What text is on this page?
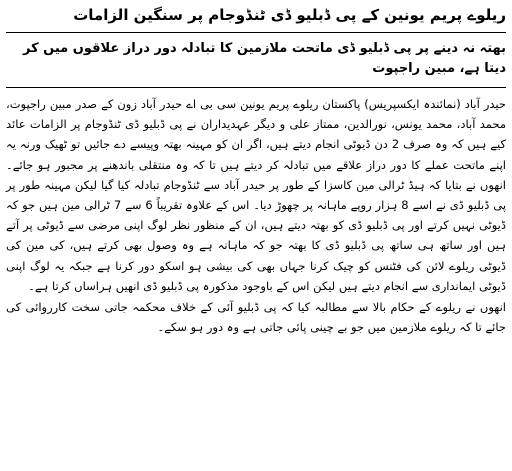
ریلوے پریم یونین کے پی ڈبلیو ڈی ٹنڈوجام پر سنگین الزامات
بھتہ نہ دینے پر پی ڈبلیو ڈی ماتحت ملازمین کا تبادلہ دور دراز علاقوں میں کر دیتا ہے، مبین راجپوت

حیدر آباد (نمائندہ ایکسپریس) پاکستان ریلوے پریم یونین سی بی اے حیدر آباد زون کے صدر مبین راجپوت، محمد آباد، محمد یونس، نورالدین، ممتاز علی و دیگر عہدیداران نے پی ڈبلیو ڈی ٹنڈوجام پر الزامات عائد کیے ہیں کہ وہ صرف 2 دن ڈیوٹی انجام دیتے ہیں، اگر ان کو مہینہ بھتہ وپیسے دے جائیں تو ٹھیک ورنہ یہ اپنے ماتحت عملے کا دور دراز علاقے میں تبادلہ کر دیتے ہیں تا کہ وہ منتقلی باندھنے پر مجبور ہو جائے۔ انھوں نے بتایا کہ ہیڈ ٹرالی مین کاسزا کے طور پر حیدر آباد سے ٹنڈوجام تبادلہ کیا گیا لیکن مہینہ طور پر پی ڈبلیو ڈی نے اسے 8 ہزار روپے ماہانہ پر چھوڑ دیا۔ اس کے علاوہ تقریباً 6 سے 7 ٹرالی مین ہیں جو کہ ڈیوٹی نہیں کرتے اور پی ڈبلیو ڈی کو بھتہ دیتے ہیں، ان کے منظور نظر لوگ اپنی مرضی سے ڈیوٹی پر آتے ہیں اور ساتھ ہی ساتھ پی ڈبلیو ڈی کا بھتہ جو کہ ماہانہ ہے وہ وصول بھی کرتے ہیں، کی مین کی ڈیوٹی ریلوے لائن کی فٹنس کو چیک کرنا جہاں بھی کی بیشی ہو اسکو دور کرنا ہے جبکہ یہ لوگ اپنی ڈیوٹی ایمانداری سے انجام دیتے ہیں لیکن اس کے باوجود مذکورہ پی ڈبلیو ڈی انھیں ہراساں کرتا ہے۔

انھوں نے ریلوے کے حکام بالا سے مطالبہ کیا کہ پی ڈبلیو آئی کے خلاف محکمہ جاتی سخت کارروائی کی جائے تا کہ ریلوے ملازمین میں جو بے چینی پائی جاتی ہے وہ دور ہو سکے۔
